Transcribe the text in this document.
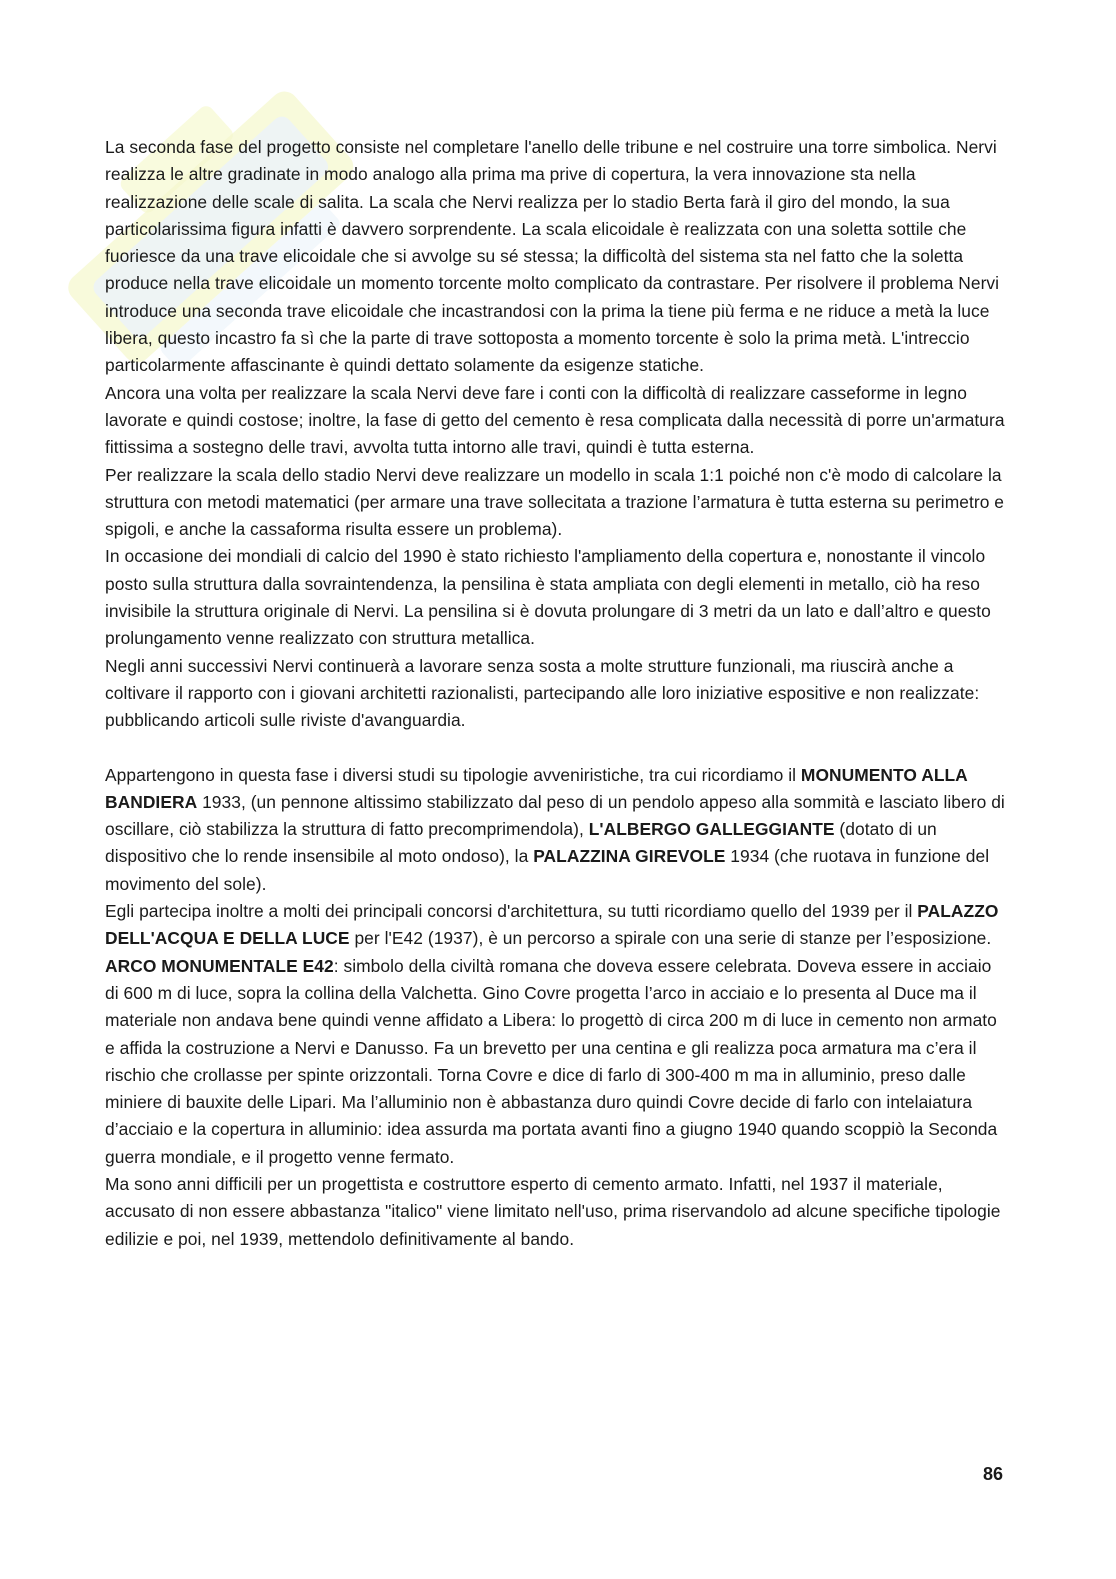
La seconda fase del progetto consiste nel completare l'anello delle tribune e nel costruire una torre simbolica. Nervi realizza le altre gradinate in modo analogo alla prima ma prive di copertura, la vera innovazione sta nella realizzazione delle scale di salita. La scala che Nervi realizza per lo stadio Berta farà il giro del mondo, la sua particolarissima figura infatti è davvero sorprendente. La scala elicoidale è realizzata con una soletta sottile che fuoriesce da una trave elicoidale che si avvolge su sé stessa; la difficoltà del sistema sta nel fatto che la soletta produce nella trave elicoidale un momento torcente molto complicato da contrastare. Per risolvere il problema Nervi introduce una seconda trave elicoidale che incastrandosi con la prima la tiene più ferma e ne riduce a metà la luce libera, questo incastro fa sì che la parte di trave sottoposta a momento torcente è solo la prima metà. L'intreccio particolarmente affascinante è quindi dettato solamente da esigenze statiche.

Ancora una volta per realizzare la scala Nervi deve fare i conti con la difficoltà di realizzare casseforme in legno lavorate e quindi costose; inoltre, la fase di getto del cemento è resa complicata dalla necessità di porre un'armatura fittissima a sostegno delle travi, avvolta tutta intorno alle travi, quindi è tutta esterna.

Per realizzare la scala dello stadio Nervi deve realizzare un modello in scala 1:1 poiché non c'è modo di calcolare la struttura con metodi matematici (per armare una trave sollecitata a trazione l’armatura è tutta esterna su perimetro e spigoli, e anche la cassaforma risulta essere un problema).

In occasione dei mondiali di calcio del 1990 è stato richiesto l'ampliamento della copertura e, nonostante il vincolo posto sulla struttura dalla sovraintendenza, la pensilina è stata ampliata con degli elementi in metallo, ciò ha reso invisibile la struttura originale di Nervi. La pensilina si è dovuta prolungare di 3 metri da un lato e dall’altro e questo prolungamento venne realizzato con struttura metallica.

Negli anni successivi Nervi continuerà a lavorare senza sosta a molte strutture funzionali, ma riuscirà anche a coltivare il rapporto con i giovani architetti razionalisti, partecipando alle loro iniziative espositive e non realizzate: pubblicando articoli sulle riviste d'avanguardia.

Appartengono in questa fase i diversi studi su tipologie avveniristiche, tra cui ricordiamo il MONUMENTO ALLA BANDIERA 1933, (un pennone altissimo stabilizzato dal peso di un pendolo appeso alla sommità e lasciato libero di oscillare, ciò stabilizza la struttura di fatto precomprimendola), L'ALBERGO GALLEGGIANTE (dotato di un dispositivo che lo rende insensibile al moto ondoso), la PALAZZINA GIREVOLE 1934 (che ruotava in funzione del movimento del sole).

Egli partecipa inoltre a molti dei principali concorsi d'architettura, su tutti ricordiamo quello del 1939 per il PALAZZO DELL'ACQUA E DELLA LUCE per l'E42 (1937), è un percorso a spirale con una serie di stanze per l’esposizione.

ARCO MONUMENTALE E42: simbolo della civiltà romana che doveva essere celebrata. Doveva essere in acciaio di 600 m di luce, sopra la collina della Valchetta. Gino Covre progetta l’arco in acciaio e lo presenta al Duce ma il materiale non andava bene quindi venne affidato a Libera: lo progettò di circa 200 m di luce in cemento non armato e affida la costruzione a Nervi e Danusso. Fa un brevetto per una centina e gli realizza poca armatura ma c’era il rischio che crollasse per spinte orizzontali. Torna Covre e dice di farlo di 300-400 m ma in alluminio, preso dalle miniere di bauxite delle Lipari. Ma l’alluminio non è abbastanza duro quindi Covre decide di farlo con intelaiatura d’acciaio e la copertura in alluminio: idea assurda ma portata avanti fino a giugno 1940 quando scoppiò la Seconda guerra mondiale, e il progetto venne fermato.

Ma sono anni difficili per un progettista e costruttore esperto di cemento armato. Infatti, nel 1937 il materiale, accusato di non essere abbastanza "italico" viene limitato nell'uso, prima riservandolo ad alcune specifiche tipologie edilizie e poi, nel 1939, mettendolo definitivamente al bando.

86
